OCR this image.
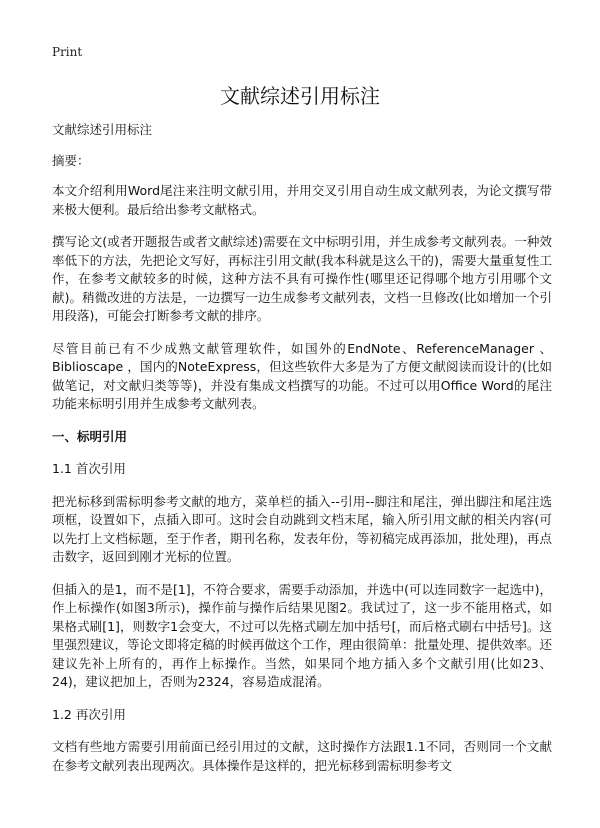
Print
文献综述引用标注

文献综述引用标注

摘要：

本文介绍利用Word尾注来注明文献引用，并用交叉引用自动生成文献列表，为论文撰写带来极大便利。最后给出参考文献格式。

撰写论文(或者开题报告或者文献综述)需要在文中标明引用，并生成参考文献列表。一种效率低下的方法，先把论文写好，再标注引用文献(我本科就是这么干的)，需要大量重复性工作，在参考文献较多的时候，这种方法不具有可操作性(哪里还记得哪个地方引用哪个文献)。稍微改进的方法是，一边撰写一边生成参考文献列表，文档一旦修改(比如增加一个引用段落)，可能会打断参考文献的排序。

尽管目前已有不少成熟文献管理软件，如国外的EndNote、ReferenceManager 、Biblioscape ，国内的NoteExpress，但这些软件大多是为了方便文献阅读而设计的(比如做笔记，对文献归类等等)，并没有集成文档撰写的功能。不过可以用Office Word的尾注功能来标明引用并生成参考文献列表。

一、标明引用

1.1 首次引用

把光标移到需标明参考文献的地方，菜单栏的插入--引用--脚注和尾注，弹出脚注和尾注选项框，设置如下，点插入即可。这时会自动跳到文档末尾，输入所引用文献的相关内容(可以先打上文档标题，至于作者，期刊名称，发表年份，等初稿完成再添加，批处理)，再点击数字，返回到刚才光标的位置。

但插入的是1，而不是[1]，不符合要求，需要手动添加，并选中(可以连同数字一起选中)，作上标操作(如图3所示)，操作前与操作后结果见图2。我试过了，这一步不能用格式，如果格式刷[1]，则数字1会变大，不过可以先格式刷左加中括号[，而后格式刷右中括号]。这里强烈建议，等论文即将定稿的时候再做这个工作，理由很简单：批量处理、提供效率。还建议先补上所有的，再作上标操作。当然，如果同个地方插入多个文献引用(比如23、24)，建议把加上，否则为2324，容易造成混淆。

1.2 再次引用

文档有些地方需要引用前面已经引用过的文献，这时操作方法跟1.1不同，否则同一个文献在参考文献列表出现两次。具体操作是这样的，把光标移到需标明参考文
